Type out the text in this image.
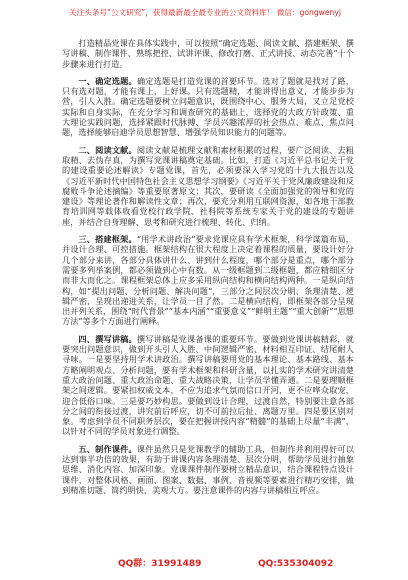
关注头条号“公文研究”，获得最新最全最专业的公文资料库！ 微信：gongwenyj

打造精品党课在具体实践中，可以按照“确定选题、阅读文献、搭建框架、撰写讲稿、制作课件、熟练把控、试讲评课、修改打磨、正式讲授、动态完善”十个步骤来进行打造。

一、确定选题。确定选题是打造党课的首要环节。选对了题就是找对了路，只有选对题，才能有课上，上好课。只有选题精，才能讲得出意义，才能步步为营，引人入胜。确定选题要树立问题意识，既围绕中心、服务大局，又立足党校实际和自身实际，在充分学习和调查研究的基础上，选择党的大政方针政策、重大理论实践问题，选择紧跟时代脉搏、学员兴趣浓厚的社会热点、难点、焦点问题，选择能够启迪学员思想智慧、增强学员知识能力的问题等。

二、阅读文献。阅读文献是梳理文献和素材积累的过程，要广泛阅读、去粗取精、去伪存真，为撰写党课讲稿奠定基础。比如，打造《习近平总书记关于党的建设重要论述解读》专题党课，首先，必须要深入学习党的十九大报告以及《习近平新时代中国特色社会主义思想学习纲要》《习近平关于党风廉政建设和反腐败斗争论述摘编》等重要原著原文；其次，要研读《全面加强党的领导和党的建设》等理论著作和解读性文章；再次，要充分利用互联网资源，如各地干部教育培训网等载体收看党校行政学院、社科院等系统专家关于党的建设的专题讲座，并结合自身理解、思考和研究进行梳理、转化、归纳。

三、搭建框架。“用学术讲政治”要求党课应具有学术框架，科学谋篇布局，并设计合理、可控措施。框架结构在很大程度上决定着课程的质量，要设计好分几个部分来讲，各部分具体讲什么、讲到什么程度，哪个部分是重点，哪个部分需要多列举案例，都必须做到心中有数。从一级框题到二级框题，都应精细区分而非大而化之。课程框架总体上应多采用纵向结构和横向结构两种。一是纵向结构，如“提出问题、分析问题、解决问题”，三部分之间层次分明、条理清楚、逻辑严密，呈现出递进关系，让学员一目了然。二是横向结构，即框架各部分呈现出并列关系，围绕“时代背景”“基本内涵”“重要意义”“鲜明主题”“重大创新”“思想方法”等多个方面进行阐释。

四、撰写讲稿。撰写讲稿是党课备课的重要环节。要做到党课讲稿精彩，就要突出问题意识，做到开头引人入胜、中间逻辑严密、材料相互印证、结尾耐人寻味。一是要坚持用学术讲政治。撰写讲稿要用党的基本理论、基本路线、基本方略阐明观点、分析问题，要有学术框架和科研含量，以扎实的学术研究讲清楚重大政治问题、重大政治命题、重大战略决策，让学员学懂弄通。二是要理顺框架之间逻辑。要紧扣权威文本，不应为追求气氛而信口开河，更不应哗众取宠，迎合低俗口味。三是要巧妙构思。要做到设计合理，过渡自然，特别要注意各部分之间的衔接过渡，讲究前后呼应，切不可前拉后扯、离题万里。四是要区别对象。考虑到学员不同职务层次，要在把握讲授内容“精髓”的基础上尽量“丰满”，以针对不同的学员对象进行调整。

五、制作课件。课件虽然只是党课教学的辅助工具，但制作并利用得好可以达到事半功倍的效果，有助于讲课内容条理清楚、层次分明，帮助学员进行抽象思维、消化内容、加深印象。党课课件制作要树立精品意识，结合课程特点设计课件，对整体风格、画面、图案、数据、事例、音视频等要素进行精巧安排，做到精准切题、简约明快、美观大方。要注意课件的内容与讲稿相互呼应。

QQ群：31991489	QQ:535304092
